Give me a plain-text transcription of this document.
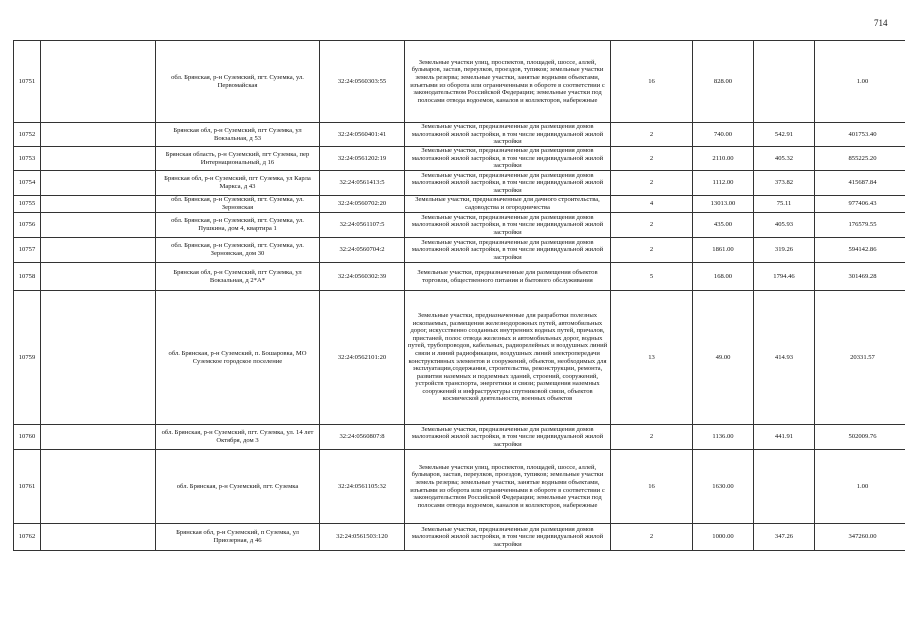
714
10751		обл. Брянская, р-н Суземский, пгт. Суземка, ул. Первомайская	32:24:0560303:55	Земельные участки улиц, проспектов, площадей, шоссе, аллей, бульваров, застав, переулков, проездов, тупиков; земельные участки земель резерва; земельные участки, занятые водными объектами, изъятыми из оборота или ограниченными в обороте в соответствии с законодательством Российской Федерации; земельные участки под полосами отвода водоемов, каналов и коллекторов, набережные	16	828.00		1.00
10752		Брянская обл, р-н Суземский, пгт Суземка, ул Вокзальная, д 53	32:24:0560401:41	Земельные участки, предназначенные для размещения домов малоэтажной жилой застройки, в том числе индивидуальной жилой застройки	2	740.00	542.91	401753.40
10753		Брянская область, р-н Суземский, пгт Суземка, пер Интернациональный, д 16	32:24:0561202:19	Земельные участки, предназначенные для размещения домов малоэтажной жилой застройки, в том числе индивидуальной жилой застройки	2	2110.00	405.32	855225.20
10754		Брянская обл, р-н Суземский, пгт Суземка, ул Карла Маркса, д 43	32:24:0561413:5	Земельные участки, предназначенные для размещения домов малоэтажной жилой застройки, в том числе индивидуальной жилой застройки	2	1112.00	373.82	415687.84
10755		обл. Брянская, р-н Суземский, пгт. Суземка, ул. Зерновская	32:24:0560702:20	Земельные участки, предназначенные для дачного строительства, садоводства и огородничества	4	13013.00	75.11	977406.43
10756		обл. Брянская, р-н Суземский, пгт. Суземка, ул. Пушкина, дом 4, квартира 1	32:24:0561107:5	Земельные участки, предназначенные для размещения домов малоэтажной жилой застройки, в том числе индивидуальной жилой застройки	2	435.00	405.93	176579.55
10757		обл. Брянская, р-н Суземский, пгт. Суземка, ул. Зерновская, дом 30	32:24:0560704:2	Земельные участки, предназначенные для размещения домов малоэтажной жилой застройки, в том числе индивидуальной жилой застройки	2	1861.00	319.26	594142.86
10758		Брянская обл, р-н Суземский, пгт Суземка, ул Вокзальная, д 2*А*	32:24:0560302:39	Земельные участки, предназначенные для размещения объектов торговли, общественного питания и бытового обслуживания	5	168.00	1794.46	301469.28
10759		обл. Брянская, р-н Суземский, п. Бошаровка, МО Суземское городское поселение	32:24:0562101:20	Земельные участки, предназначенные для разработки полезных ископаемых, размещения железнодорожных путей, автомобильных дорог, искусственно созданных внутренних водных путей, причалов, пристаней, полос отвода железных и автомобильных дорог, водных путей, трубопроводов, кабельных, радиорелейных и воздушных линий связи и линий радиофикации, воздушных линий электропередачи конструктивных элементов и сооружений, объектов, необходимых для эксплуатации,содержания, строительства, реконструкции, ремонта, развития наземных и подземных зданий, строений, сооружений, устройств транспорта, энергетики и связи; размещения наземных сооружений и инфраструктуры спутниковой связи, объектов космической деятельности, военных объектов	13	49.00	414.93	20331.57
10760		обл. Брянская, р-н Суземский, пгт. Суземка, ул. 14 лет Октября, дом 3	32:24:0560807:8	Земельные участки, предназначенные для размещения домов малоэтажной жилой застройки, в том числе индивидуальной жилой застройки	2	1136.00	441.91	502009.76
10761		обл. Брянская, р-н Суземский, пгт. Суземка	32:24:0561105:32	Земельные участки улиц, проспектов, площадей, шоссе, аллей, бульваров, застав, переулков, проездов, тупиков; земельные участки земель резерва; земельные участки, занятые водными объектами, изъятыми из оборота или ограниченными в обороте в соответствии с законодательством Российской Федерации; земельные участки под полосами отвода водоемов, каналов и коллекторов, набережные	16	1630.00		1.00
10762		Брянская обл, р-н Суземский, п Суземка, ул Приозерная, д 46	32:24:0561503:120	Земельные участки, предназначенные для размещения домов малоэтажной жилой застройки, в том числе индивидуальной жилой застройки	2	1000.00	347.26	347260.00
